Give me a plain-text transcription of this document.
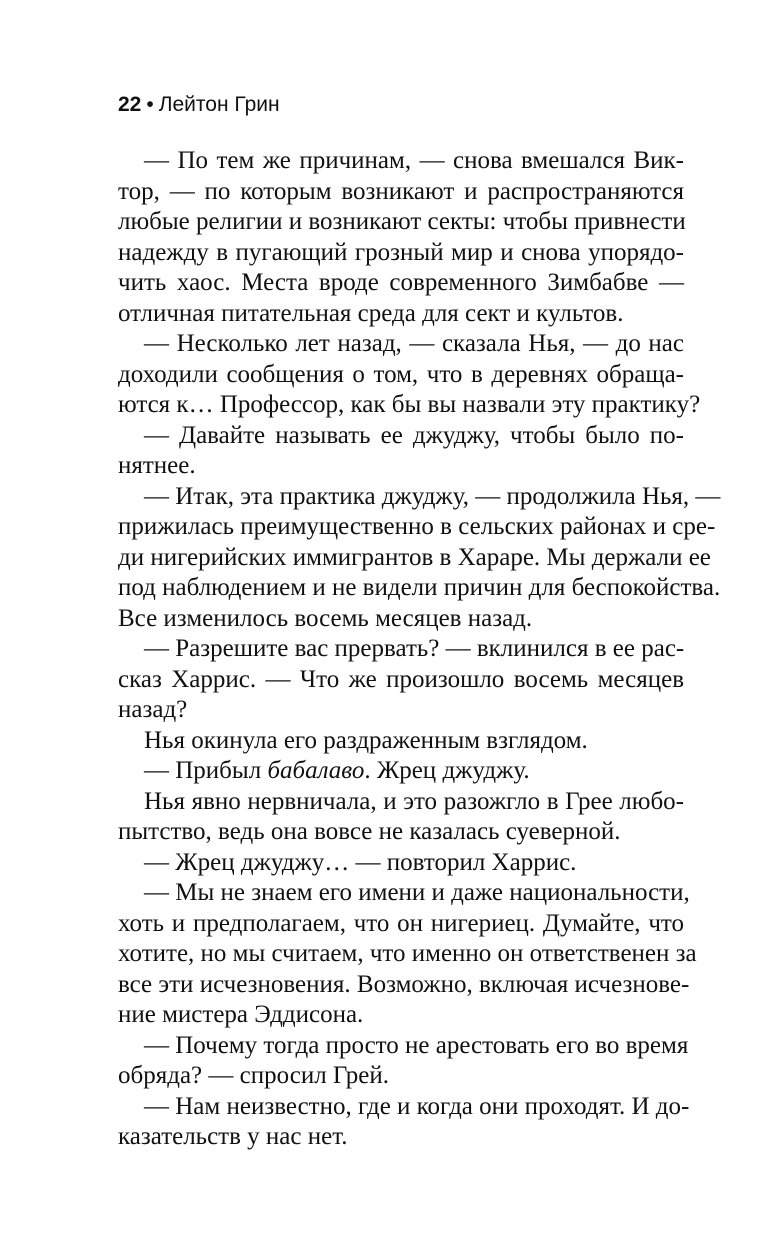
22 • Лейтон Грин
— По тем же причинам, — снова вмешался Вик-
тор, — по которым возникают и распространяются
любые религии и возникают секты: чтобы привнести
надежду в пугающий грозный мир и снова упорядо-
чить хаос. Места вроде современного Зимбабве —
отличная питательная среда для сект и культов.
— Несколько лет назад, — сказала Нья, — до нас
доходили сообщения о том, что в деревнях обраща-
ются к… Профессор, как бы вы назвали эту практику?
— Давайте называть ее джуджу, чтобы было по-
нятнее.
— Итак, эта практика джуджу, — продолжила Нья, —
прижилась преимущественно в сельских районах и сре-
ди нигерийских иммигрантов в Хараре. Мы держали ее
под наблюдением и не видели причин для беспокойства.
Все изменилось восемь месяцев назад.
— Разрешите вас прервать? — вклинился в ее рас-
сказ Харрис. — Что же произошло восемь месяцев
назад?
Нья окинула его раздраженным взглядом.
— Прибыл бабалаво. Жрец джуджу.
Нья явно нервничала, и это разожгло в Грее любо-
пытство, ведь она вовсе не казалась суеверной.
— Жрец джуджу… — повторил Харрис.
— Мы не знаем его имени и даже национальности,
хоть и предполагаем, что он нигериец. Думайте, что
хотите, но мы считаем, что именно он ответственен за
все эти исчезновения. Возможно, включая исчезнове-
ние мистера Эддисона.
— Почему тогда просто не арестовать его во время
обряда? — спросил Грей.
— Нам неизвестно, где и когда они проходят. И до-
казательств у нас нет.
